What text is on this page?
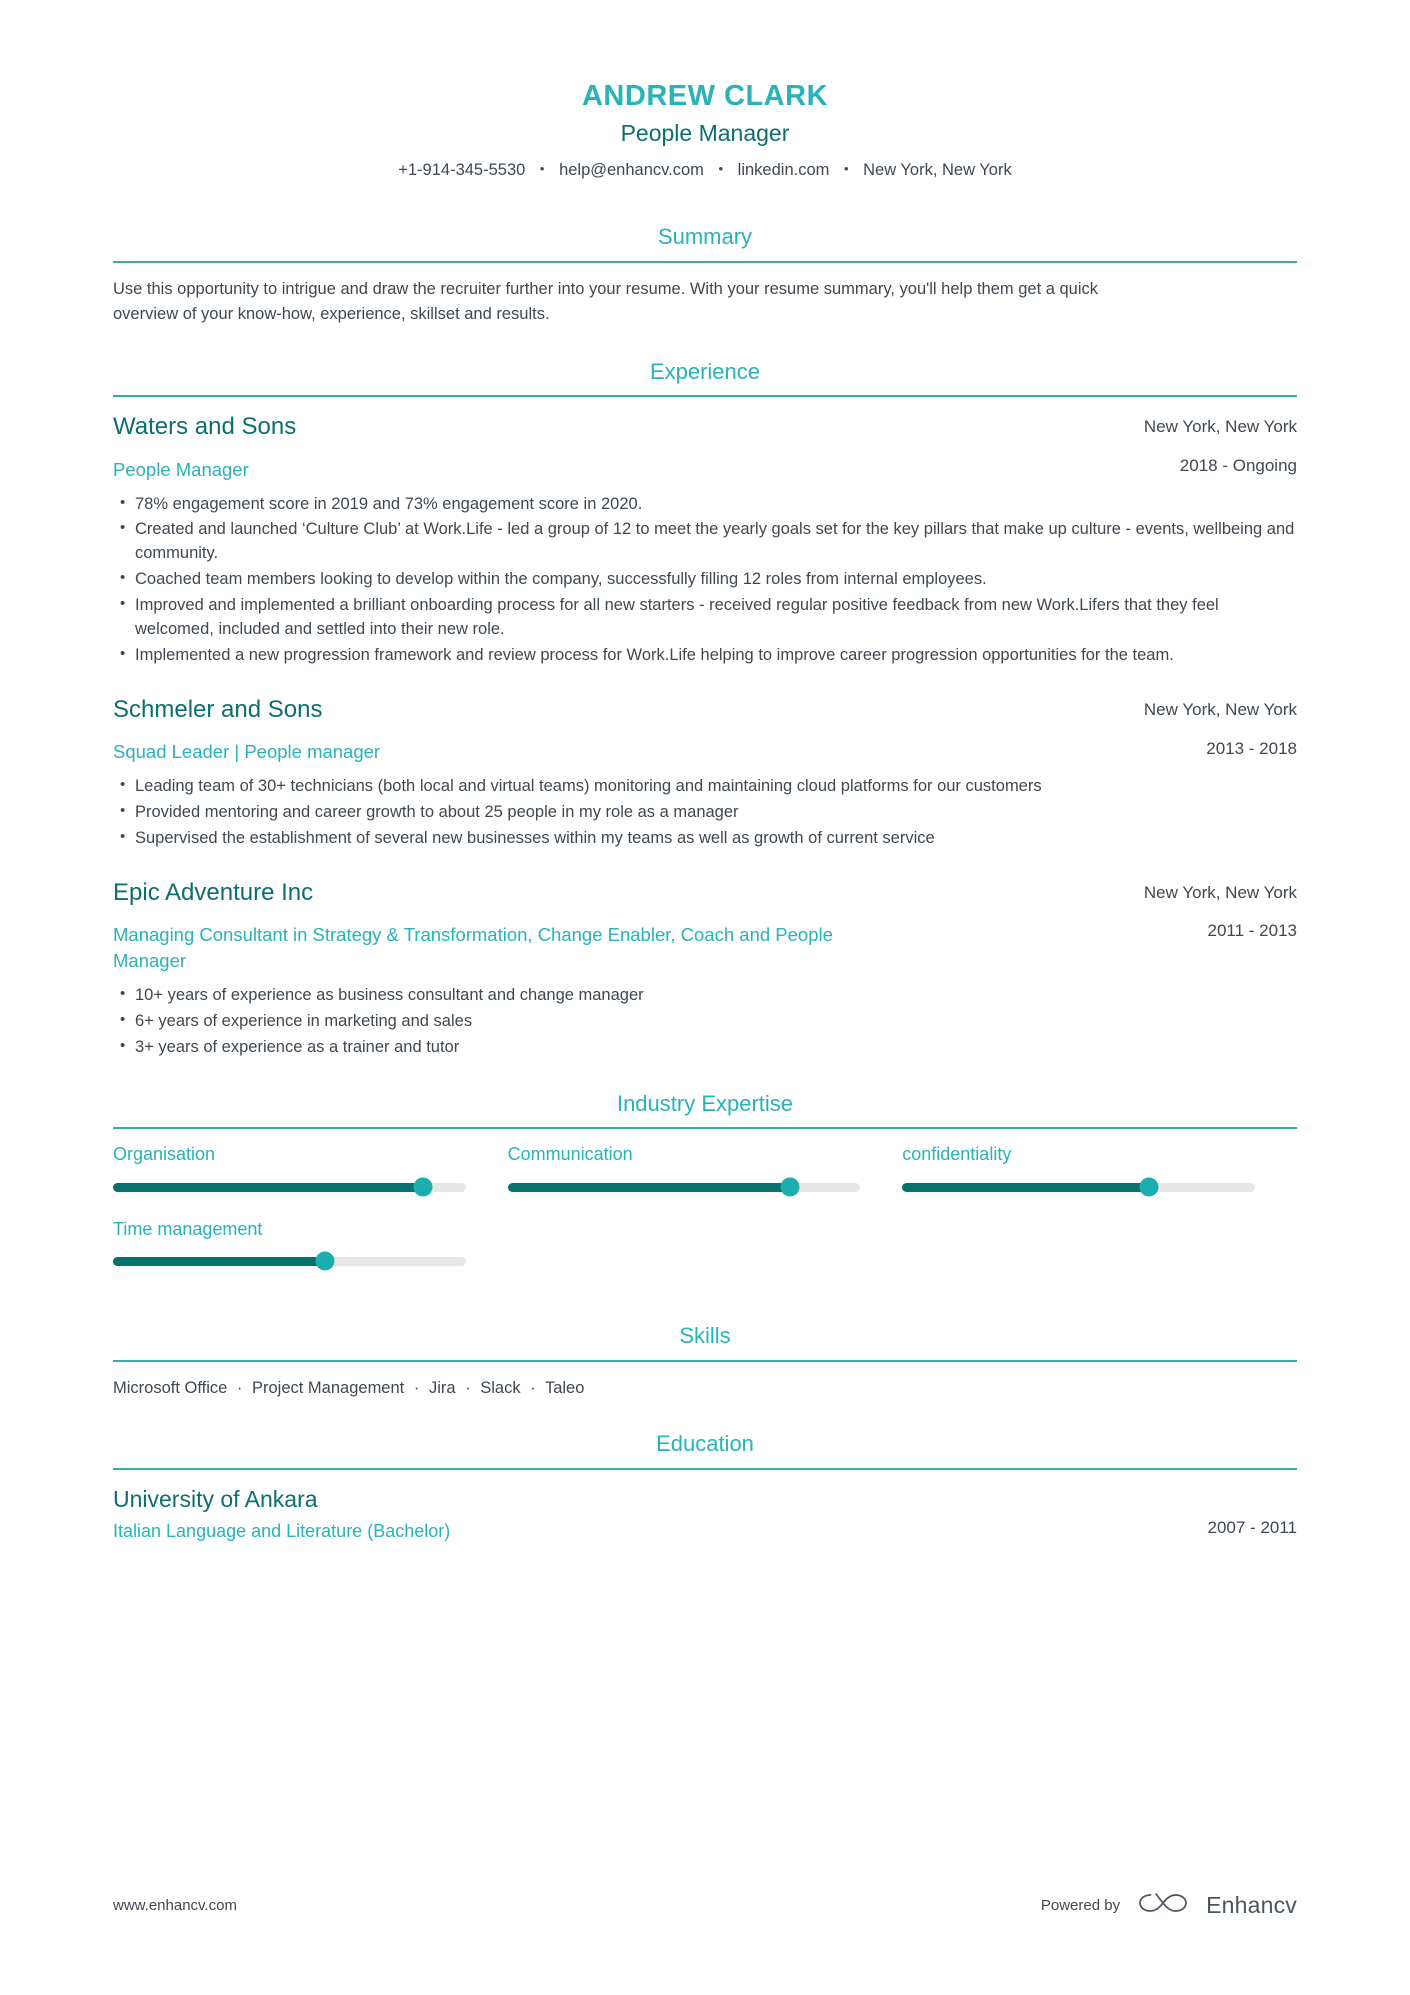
ANDREW CLARK
People Manager
+1-914-345-5530 • help@enhancv.com • linkedin.com • New York, New York
Summary
Use this opportunity to intrigue and draw the recruiter further into your resume. With your resume summary, you'll help them get a quick overview of your know-how, experience, skillset and results.
Experience
Waters and Sons
People Manager
New York, New York
2018 - Ongoing
• 78% engagement score in 2019 and 73% engagement score in 2020.
• Created and launched ‘Culture Club’ at Work.Life - led a group of 12 to meet the yearly goals set for the key pillars that make up culture - events, wellbeing and community.
• Coached team members looking to develop within the company, successfully filling 12 roles from internal employees.
• Improved and implemented a brilliant onboarding process for all new starters - received regular positive feedback from new Work.Lifers that they feel welcomed, included and settled into their new role.
• Implemented a new progression framework and review process for Work.Life helping to improve career progression opportunities for the team.
Schmeler and Sons
Squad Leader | People manager
New York, New York
2013 - 2018
• Leading team of 30+ technicians (both local and virtual teams) monitoring and maintaining cloud platforms for our customers
• Provided mentoring and career growth to about 25 people in my role as a manager
• Supervised the establishment of several new businesses within my teams as well as growth of current service
Epic Adventure Inc
Managing Consultant in Strategy & Transformation, Change Enabler, Coach and People Manager
New York, New York
2011 - 2013
• 10+ years of experience as business consultant and change manager
• 6+ years of experience in marketing and sales
• 3+ years of experience as a trainer and tutor
Industry Expertise
Organisation	Communication	confidentiality
Time management
Skills
Microsoft Office · Project Management · Jira · Slack · Taleo
Education
University of Ankara
Italian Language and Literature (Bachelor)	2007 - 2011
www.enhancv.com	Powered by	Enhancv
